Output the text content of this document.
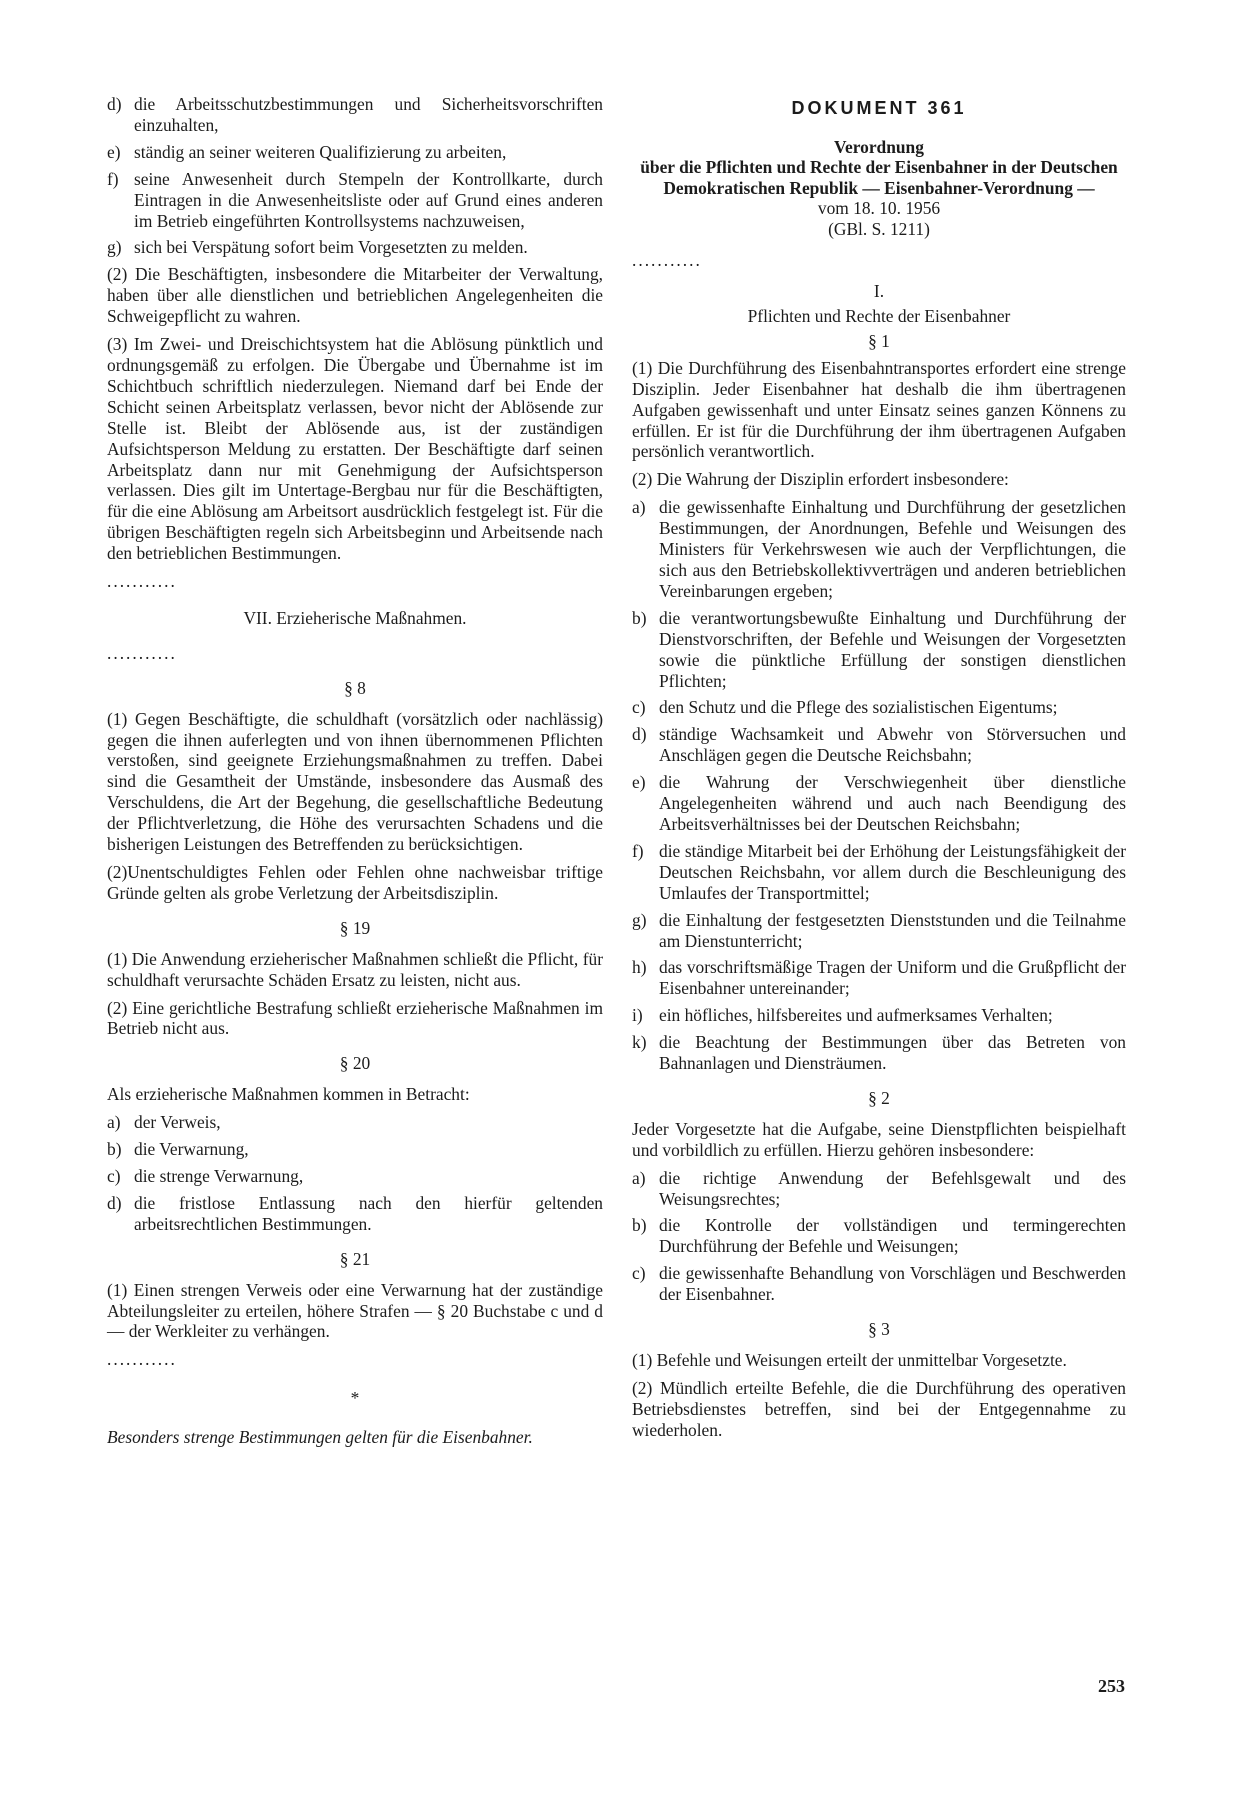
d) die Arbeitsschutzbestimmungen und Sicherheitsvorschriften einzuhalten,
e) ständig an seiner weiteren Qualifizierung zu arbeiten,
f) seine Anwesenheit durch Stempeln der Kontrollkarte, durch Eintragen in die Anwesenheitsliste oder auf Grund eines anderen im Betrieb eingeführten Kontrollsystems nachzuweisen,
g) sich bei Verspätung sofort beim Vorgesetzten zu melden.

(2) Die Beschäftigten, insbesondere die Mitarbeiter der Verwaltung, haben über alle dienstlichen und betrieblichen Angelegenheiten die Schweigepflicht zu wahren.

(3) Im Zwei- und Dreischichtsystem hat die Ablösung pünktlich und ordnungsgemäß zu erfolgen. Die Übergabe und Übernahme ist im Schichtbuch schriftlich niederzulegen. Niemand darf bei Ende der Schicht seinen Arbeitsplatz verlassen, bevor nicht der Ablösende zur Stelle ist. Bleibt der Ablösende aus, ist der zuständigen Aufsichtsperson Meldung zu erstatten. Der Beschäftigte darf seinen Arbeitsplatz dann nur mit Genehmigung der Aufsichtsperson verlassen. Dies gilt im Untertage-Bergbau nur für die Beschäftigten, für die eine Ablösung am Arbeitsort ausdrücklich festgelegt ist. Für die übrigen Beschäftigten regeln sich Arbeitsbeginn und Arbeitsende nach den betrieblichen Bestimmungen.

...........
VII. Erzieherische Maßnahmen.
...........
§ 8

(1) Gegen Beschäftigte, die schuldhaft (vorsätzlich oder nachlässig) gegen die ihnen auferlegten und von ihnen übernommenen Pflichten verstoßen, sind geeignete Erziehungsmaßnahmen zu treffen. Dabei sind die Gesamtheit der Umstände, insbesondere das Ausmaß des Verschuldens, die Art der Begehung, die gesellschaftliche Bedeutung der Pflichtverletzung, die Höhe des verursachten Schadens und die bisherigen Leistungen des Betreffenden zu berücksichtigen.

(2)Unentschuldigtes Fehlen oder Fehlen ohne nachweisbar triftige Gründe gelten als grobe Verletzung der Arbeitsdisziplin.

§ 19

(1) Die Anwendung erzieherischer Maßnahmen schließt die Pflicht, für schuldhaft verursachte Schäden Ersatz zu leisten, nicht aus.

(2) Eine gerichtliche Bestrafung schließt erzieherische Maßnahmen im Betrieb nicht aus.

§ 20

Als erzieherische Maßnahmen kommen in Betracht:

a) der Verweis,
b) die Verwarnung,
c) die strenge Verwarnung,
d) die fristlose Entlassung nach den hierfür geltenden arbeitsrechtlichen Bestimmungen.
§ 21

(1) Einen strengen Verweis oder eine Verwarnung hat der zuständige Abteilungsleiter zu erteilen, höhere Strafen — § 20 Buchstabe c und d — der Werkleiter zu verhängen.

...........
*

Besonders strenge Bestimmungen gelten für die Eisenbahner.

DOKUMENT 361
Verordnung
über die Pflichten und Rechte der Eisenbahner in der Deutschen Demokratischen Republik — Eisenbahner-Verordnung —
vom 18. 10. 1956
(GBl. S. 1211)
...........
I.
Pflichten und Rechte der Eisenbahner
§ 1

(1) Die Durchführung des Eisenbahntransportes erfordert eine strenge Disziplin. Jeder Eisenbahner hat deshalb die ihm übertragenen Aufgaben gewissenhaft und unter Einsatz seines ganzen Könnens zu erfüllen. Er ist für die Durchführung der ihm übertragenen Aufgaben persönlich verantwortlich.

(2) Die Wahrung der Disziplin erfordert insbesondere:

a) die gewissenhafte Einhaltung und Durchführung der gesetzlichen Bestimmungen, der Anordnungen, Befehle und Weisungen des Ministers für Verkehrswesen wie auch der Verpflichtungen, die sich aus den Betriebskollektivverträgen und anderen betrieblichen Vereinbarungen ergeben;
b) die verantwortungsbewußte Einhaltung und Durchführung der Dienstvorschriften, der Befehle und Weisungen der Vorgesetzten sowie die pünktliche Erfüllung der sonstigen dienstlichen Pflichten;
c) den Schutz und die Pflege des sozialistischen Eigentums;
d) ständige Wachsamkeit und Abwehr von Störversuchen und Anschlägen gegen die Deutsche Reichsbahn;
e) die Wahrung der Verschwiegenheit über dienstliche Angelegenheiten während und auch nach Beendigung des Arbeitsverhältnisses bei der Deutschen Reichsbahn;
f) die ständige Mitarbeit bei der Erhöhung der Leistungsfähigkeit der Deutschen Reichsbahn, vor allem durch die Beschleunigung des Umlaufes der Transportmittel;
g) die Einhaltung der festgesetzten Dienststunden und die Teilnahme am Dienstunterricht;
h) das vorschriftsmäßige Tragen der Uniform und die Grußpflicht der Eisenbahner untereinander;
i) ein höfliches, hilfsbereites und aufmerksames Verhalten;
k) die Beachtung der Bestimmungen über das Betreten von Bahnanlagen und Diensträumen.
§ 2

Jeder Vorgesetzte hat die Aufgabe, seine Dienstpflichten beispielhaft und vorbildlich zu erfüllen. Hierzu gehören insbesondere:

a) die richtige Anwendung der Befehlsgewalt und des Weisungsrechtes;
b) die Kontrolle der vollständigen und termingerechten Durchführung der Befehle und Weisungen;
c) die gewissenhafte Behandlung von Vorschlägen und Beschwerden der Eisenbahner.
§ 3

(1) Befehle und Weisungen erteilt der unmittelbar Vorgesetzte.

(2) Mündlich erteilte Befehle, die die Durchführung des operativen Betriebsdienstes betreffen, sind bei der Entgegennahme zu wiederholen.

253
